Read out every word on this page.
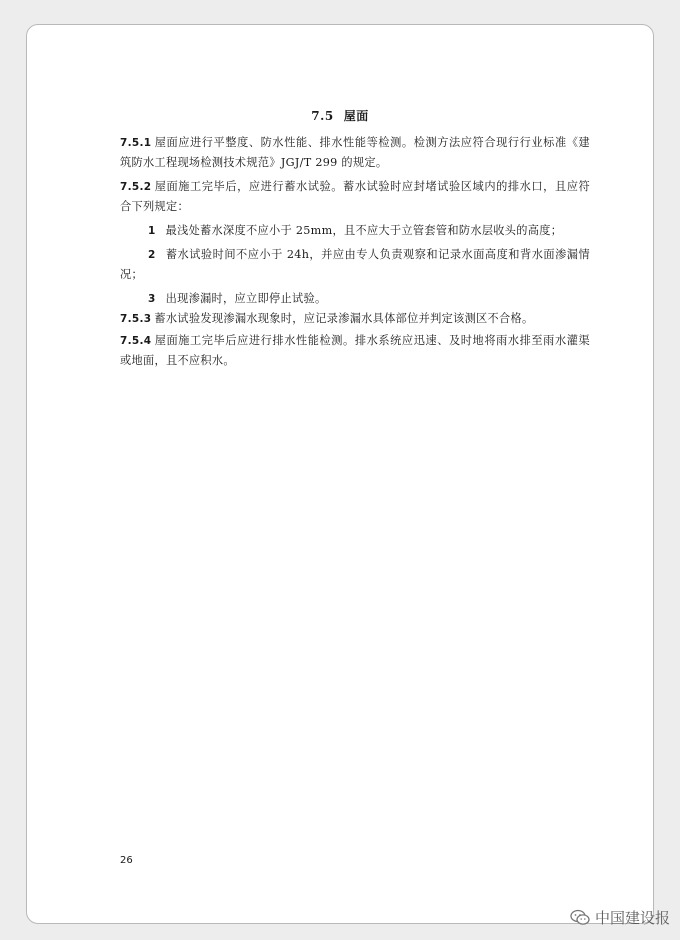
7.5 屋面
7.5.1 屋面应进行平整度、防水性能、排水性能等检测。检测方法应符合现行行业标准《建筑防水工程现场检测技术规范》JGJ/T 299 的规定。
7.5.2 屋面施工完毕后，应进行蓄水试验。蓄水试验时应封堵试验区域内的排水口，且应符合下列规定：
1 最浅处蓄水深度不应小于 25mm，且不应大于立管套管和防水层收头的高度；
2 蓄水试验时间不应小于 24h，并应由专人负责观察和记录水面高度和背水面渗漏情况；
3 出现渗漏时，应立即停止试验。
7.5.3 蓄水试验发现渗漏水现象时，应记录渗漏水具体部位并判定该测区不合格。
7.5.4 屋面施工完毕后应进行排水性能检测。排水系统应迅速、及时地将雨水排至雨水灌渠或地面，且不应积水。
26
中国建设报
